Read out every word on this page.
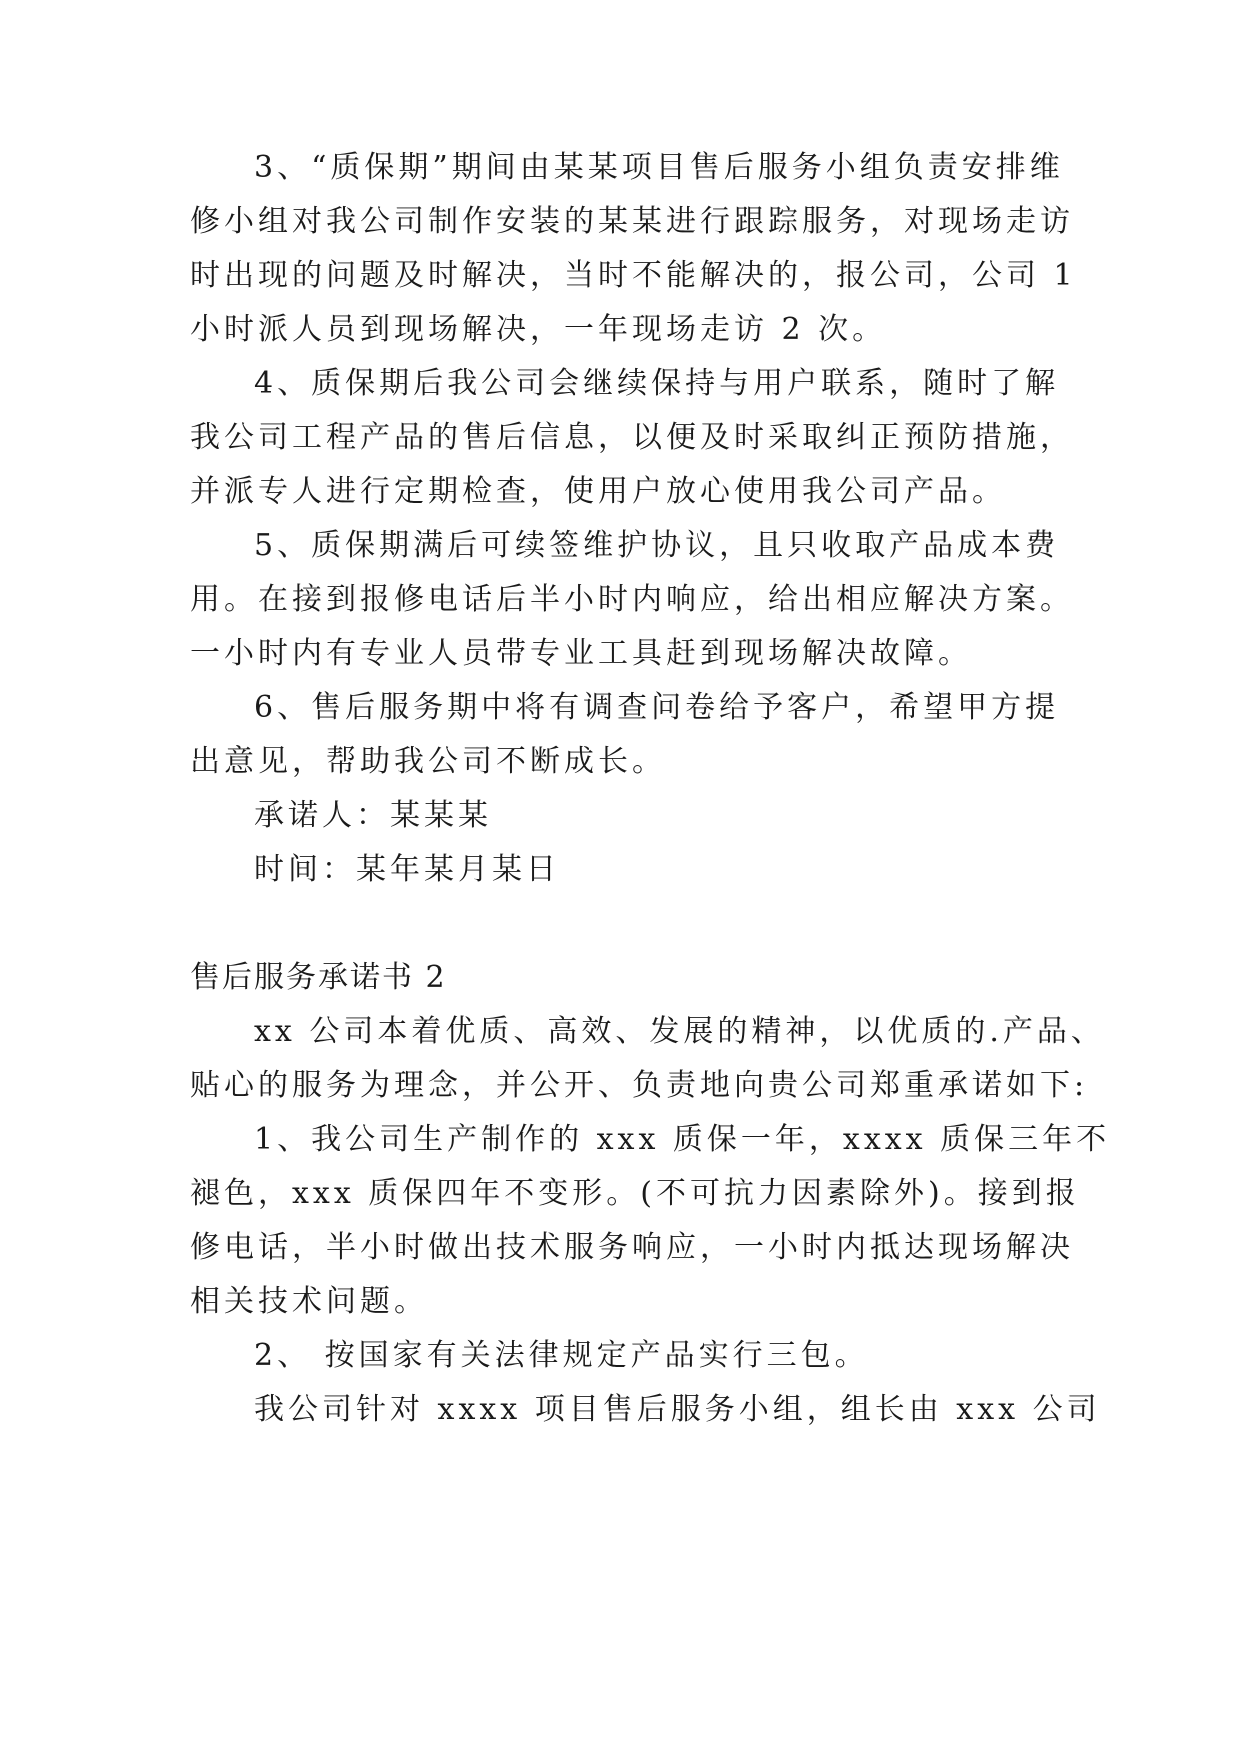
3、“质保期”期间由某某项目售后服务小组负责安排维
修小组对我公司制作安装的某某进行跟踪服务，对现场走访
时出现的问题及时解决，当时不能解决的，报公司，公司 1
小时派人员到现场解决，一年现场走访 2 次。
4、质保期后我公司会继续保持与用户联系，随时了解
我公司工程产品的售后信息，以便及时采取纠正预防措施，
并派专人进行定期检查，使用户放心使用我公司产品。
5、质保期满后可续签维护协议，且只收取产品成本费
用。在接到报修电话后半小时内响应，给出相应解决方案。
一小时内有专业人员带专业工具赶到现场解决故障。
6、售后服务期中将有调查问卷给予客户，希望甲方提
出意见，帮助我公司不断成长。
承诺人：某某某
时间：某年某月某日
售后服务承诺书 2
xx 公司本着优质、高效、发展的精神，以优质的.产品、
贴心的服务为理念，并公开、负责地向贵公司郑重承诺如下:
1、我公司生产制作的 xxx 质保一年，xxxx 质保三年不
褪色，xxx 质保四年不变形。(不可抗力因素除外)。接到报
修电话，半小时做出技术服务响应，一小时内抵达现场解决
相关技术问题。
2、 按国家有关法律规定产品实行三包。
我公司针对 xxxx 项目售后服务小组，组长由 xxx 公司
